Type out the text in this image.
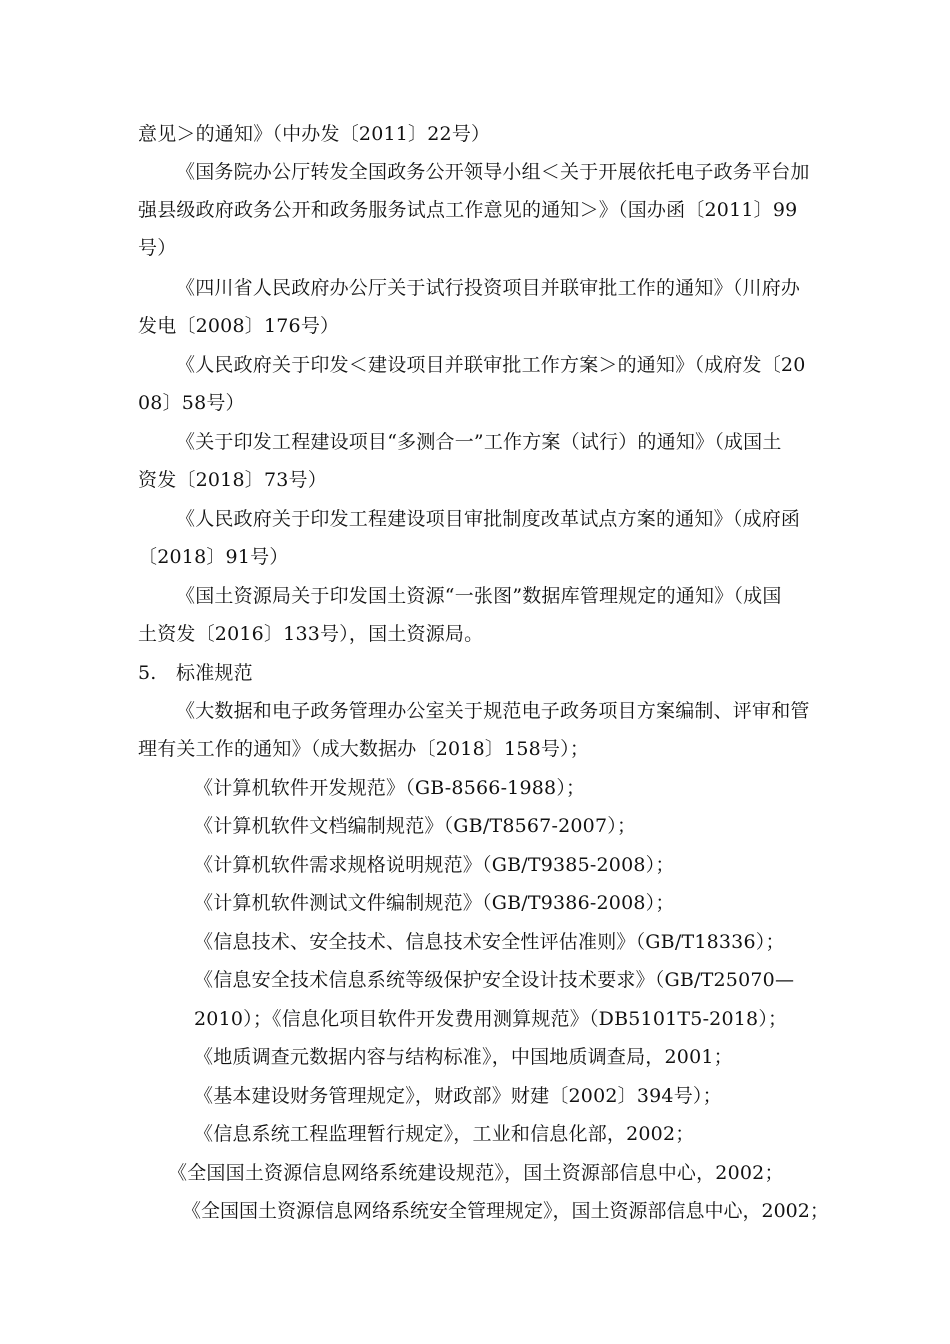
意见＞的通知》（中办发〔2011〕22号）
《国务院办公厅转发全国政务公开领导小组＜关于开展依托电子政务平台加
强县级政府政务公开和政务服务试点工作意见的通知＞》（国办函〔2011〕99
号）
《四川省人民政府办公厅关于试行投资项目并联审批工作的通知》（川府办
发电〔2008〕176号）
《人民政府关于印发＜建设项目并联审批工作方案＞的通知》（成府发〔20
08〕58号）
《关于印发工程建设项目“多测合一”工作方案（试行）的通知》（成国土
资发〔2018〕73号）
《人民政府关于印发工程建设项目审批制度改革试点方案的通知》（成府函
〔2018〕91号）
《国土资源局关于印发国土资源“一张图”数据库管理规定的通知》（成国
土资发〔2016〕133号），国土资源局。
5. 标准规范
《大数据和电子政务管理办公室关于规范电子政务项目方案编制、评审和管
理有关工作的通知》（成大数据办〔2018〕158号）；
《计算机软件开发规范》（GB-8566-1988）；
《计算机软件文档编制规范》（GB/T8567-2007）；
《计算机软件需求规格说明规范》（GB/T9385-2008）；
《计算机软件测试文件编制规范》（GB/T9386-2008）；
《信息技术、安全技术、信息技术安全性评估准则》（GB/T18336）；
《信息安全技术信息系统等级保护安全设计技术要求》（GB/T25070—
2010）；《信息化项目软件开发费用测算规范》（DB5101T5-2018）；
《地质调查元数据内容与结构标准》，中国地质调查局，2001；
《基本建设财务管理规定》，财政部》财建〔2002〕394号）；
《信息系统工程监理暂行规定》，工业和信息化部，2002；
《全国国土资源信息网络系统建设规范》，国土资源部信息中心，2002；
《全国国土资源信息网络系统安全管理规定》，国土资源部信息中心，2002；
